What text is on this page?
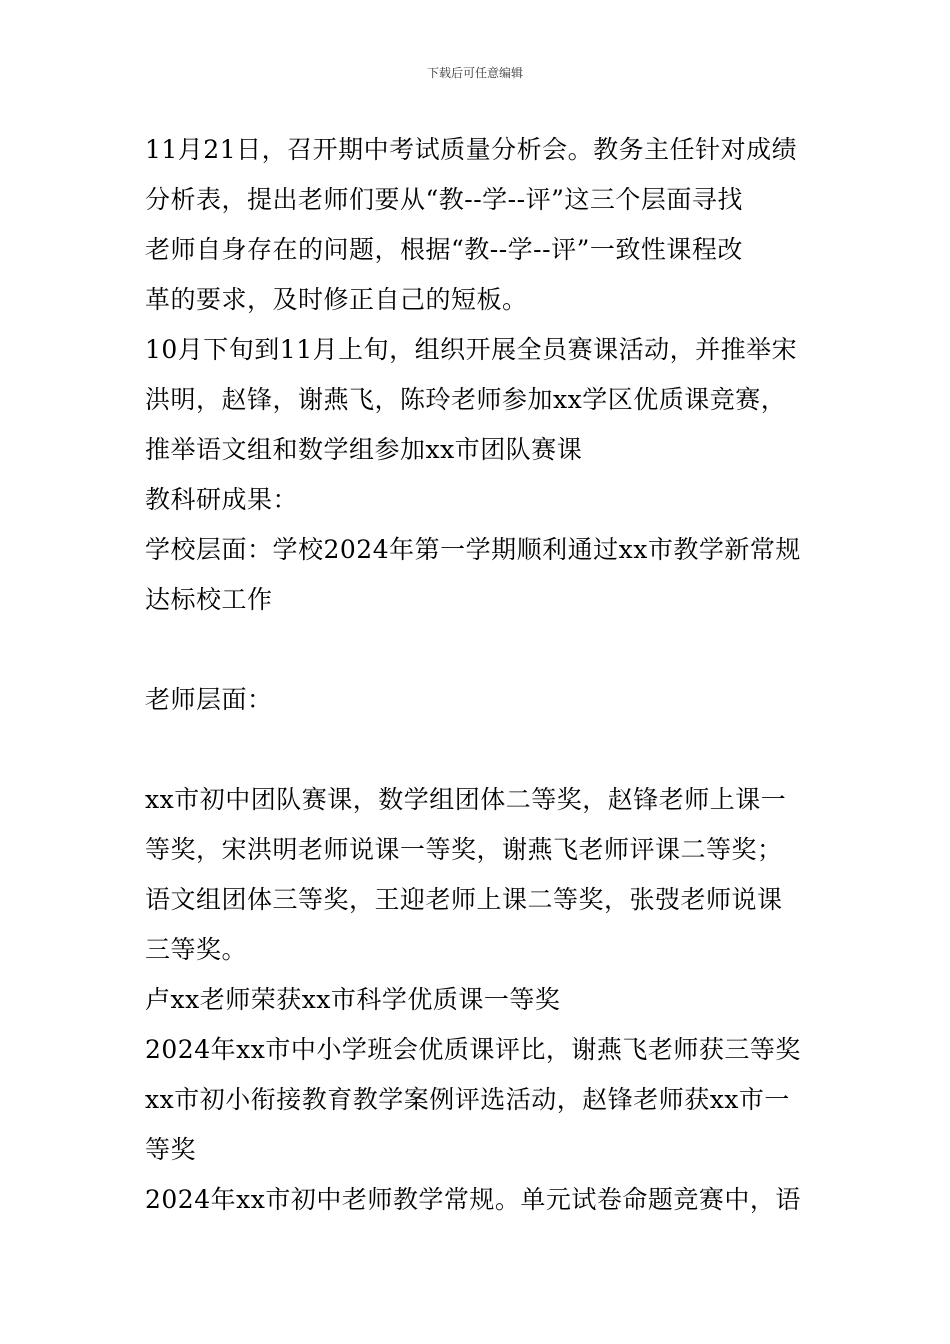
下载后可任意编辑
11月21日，召开期中考试质量分析会。教务主任针对成绩
分析表，提出老师们要从“教--学--评”这三个层面寻找
老师自身存在的问题，根据“教--学--评”一致性课程改
革的要求，及时修正自己的短板。
10月下旬到11月上旬，组织开展全员赛课活动，并推举宋
洪明，赵锋，谢燕飞，陈玲老师参加xx学区优质课竞赛，
推举语文组和数学组参加xx市团队赛课
教科研成果：
学校层面：学校2024年第一学期顺利通过xx市教学新常规
达标校工作
老师层面：
xx市初中团队赛课，数学组团体二等奖，赵锋老师上课一
等奖，宋洪明老师说课一等奖，谢燕飞老师评课二等奖；
语文组团体三等奖，王迎老师上课二等奖，张弢老师说课
三等奖。
卢xx老师荣获xx市科学优质课一等奖
2024年xx市中小学班会优质课评比，谢燕飞老师获三等奖
xx市初小衔接教育教学案例评选活动，赵锋老师获xx市一
等奖
2024年xx市初中老师教学常规。单元试卷命题竞赛中，语
